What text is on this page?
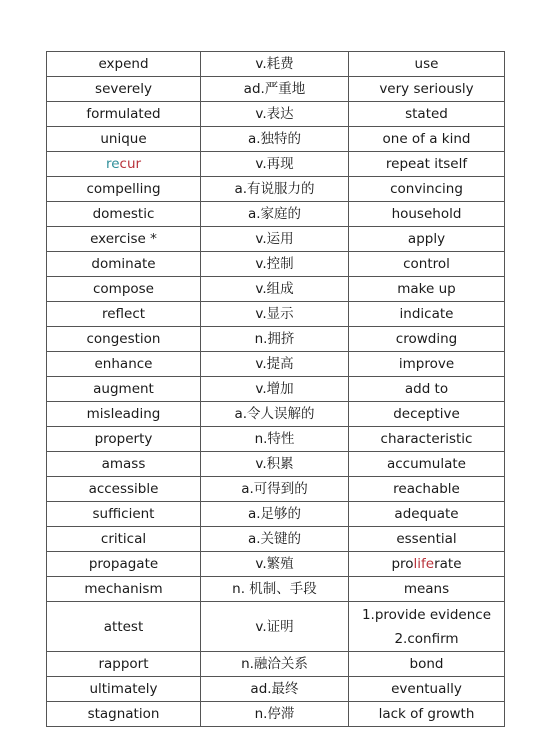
expend	v.耗费	use
severely	ad.严重地	very seriously
formulated	v.表达	stated
unique	a.独特的	one of a kind
recur	v.再现	repeat itself
compelling	a.有说服力的	convincing
domestic	a.家庭的	household
exercise *	v.运用	apply
dominate	v.控制	control
compose	v.组成	make up
reflect	v.显示	indicate
congestion	n.拥挤	crowding
enhance	v.提高	improve
augment	v.增加	add to
misleading	a.令人误解的	deceptive
property	n.特性	characteristic
amass	v.积累	accumulate
accessible	a.可得到的	reachable
sufficient	a.足够的	adequate
critical	a.关键的	essential
propagate	v.繁殖	proliferate
mechanism	n. 机制、手段	means
attest	v.证明	1.provide evidence
2.confirm

rapport	n.融洽关系	bond
ultimately	ad.最终	eventually
stagnation	n.停滞	lack of growth
